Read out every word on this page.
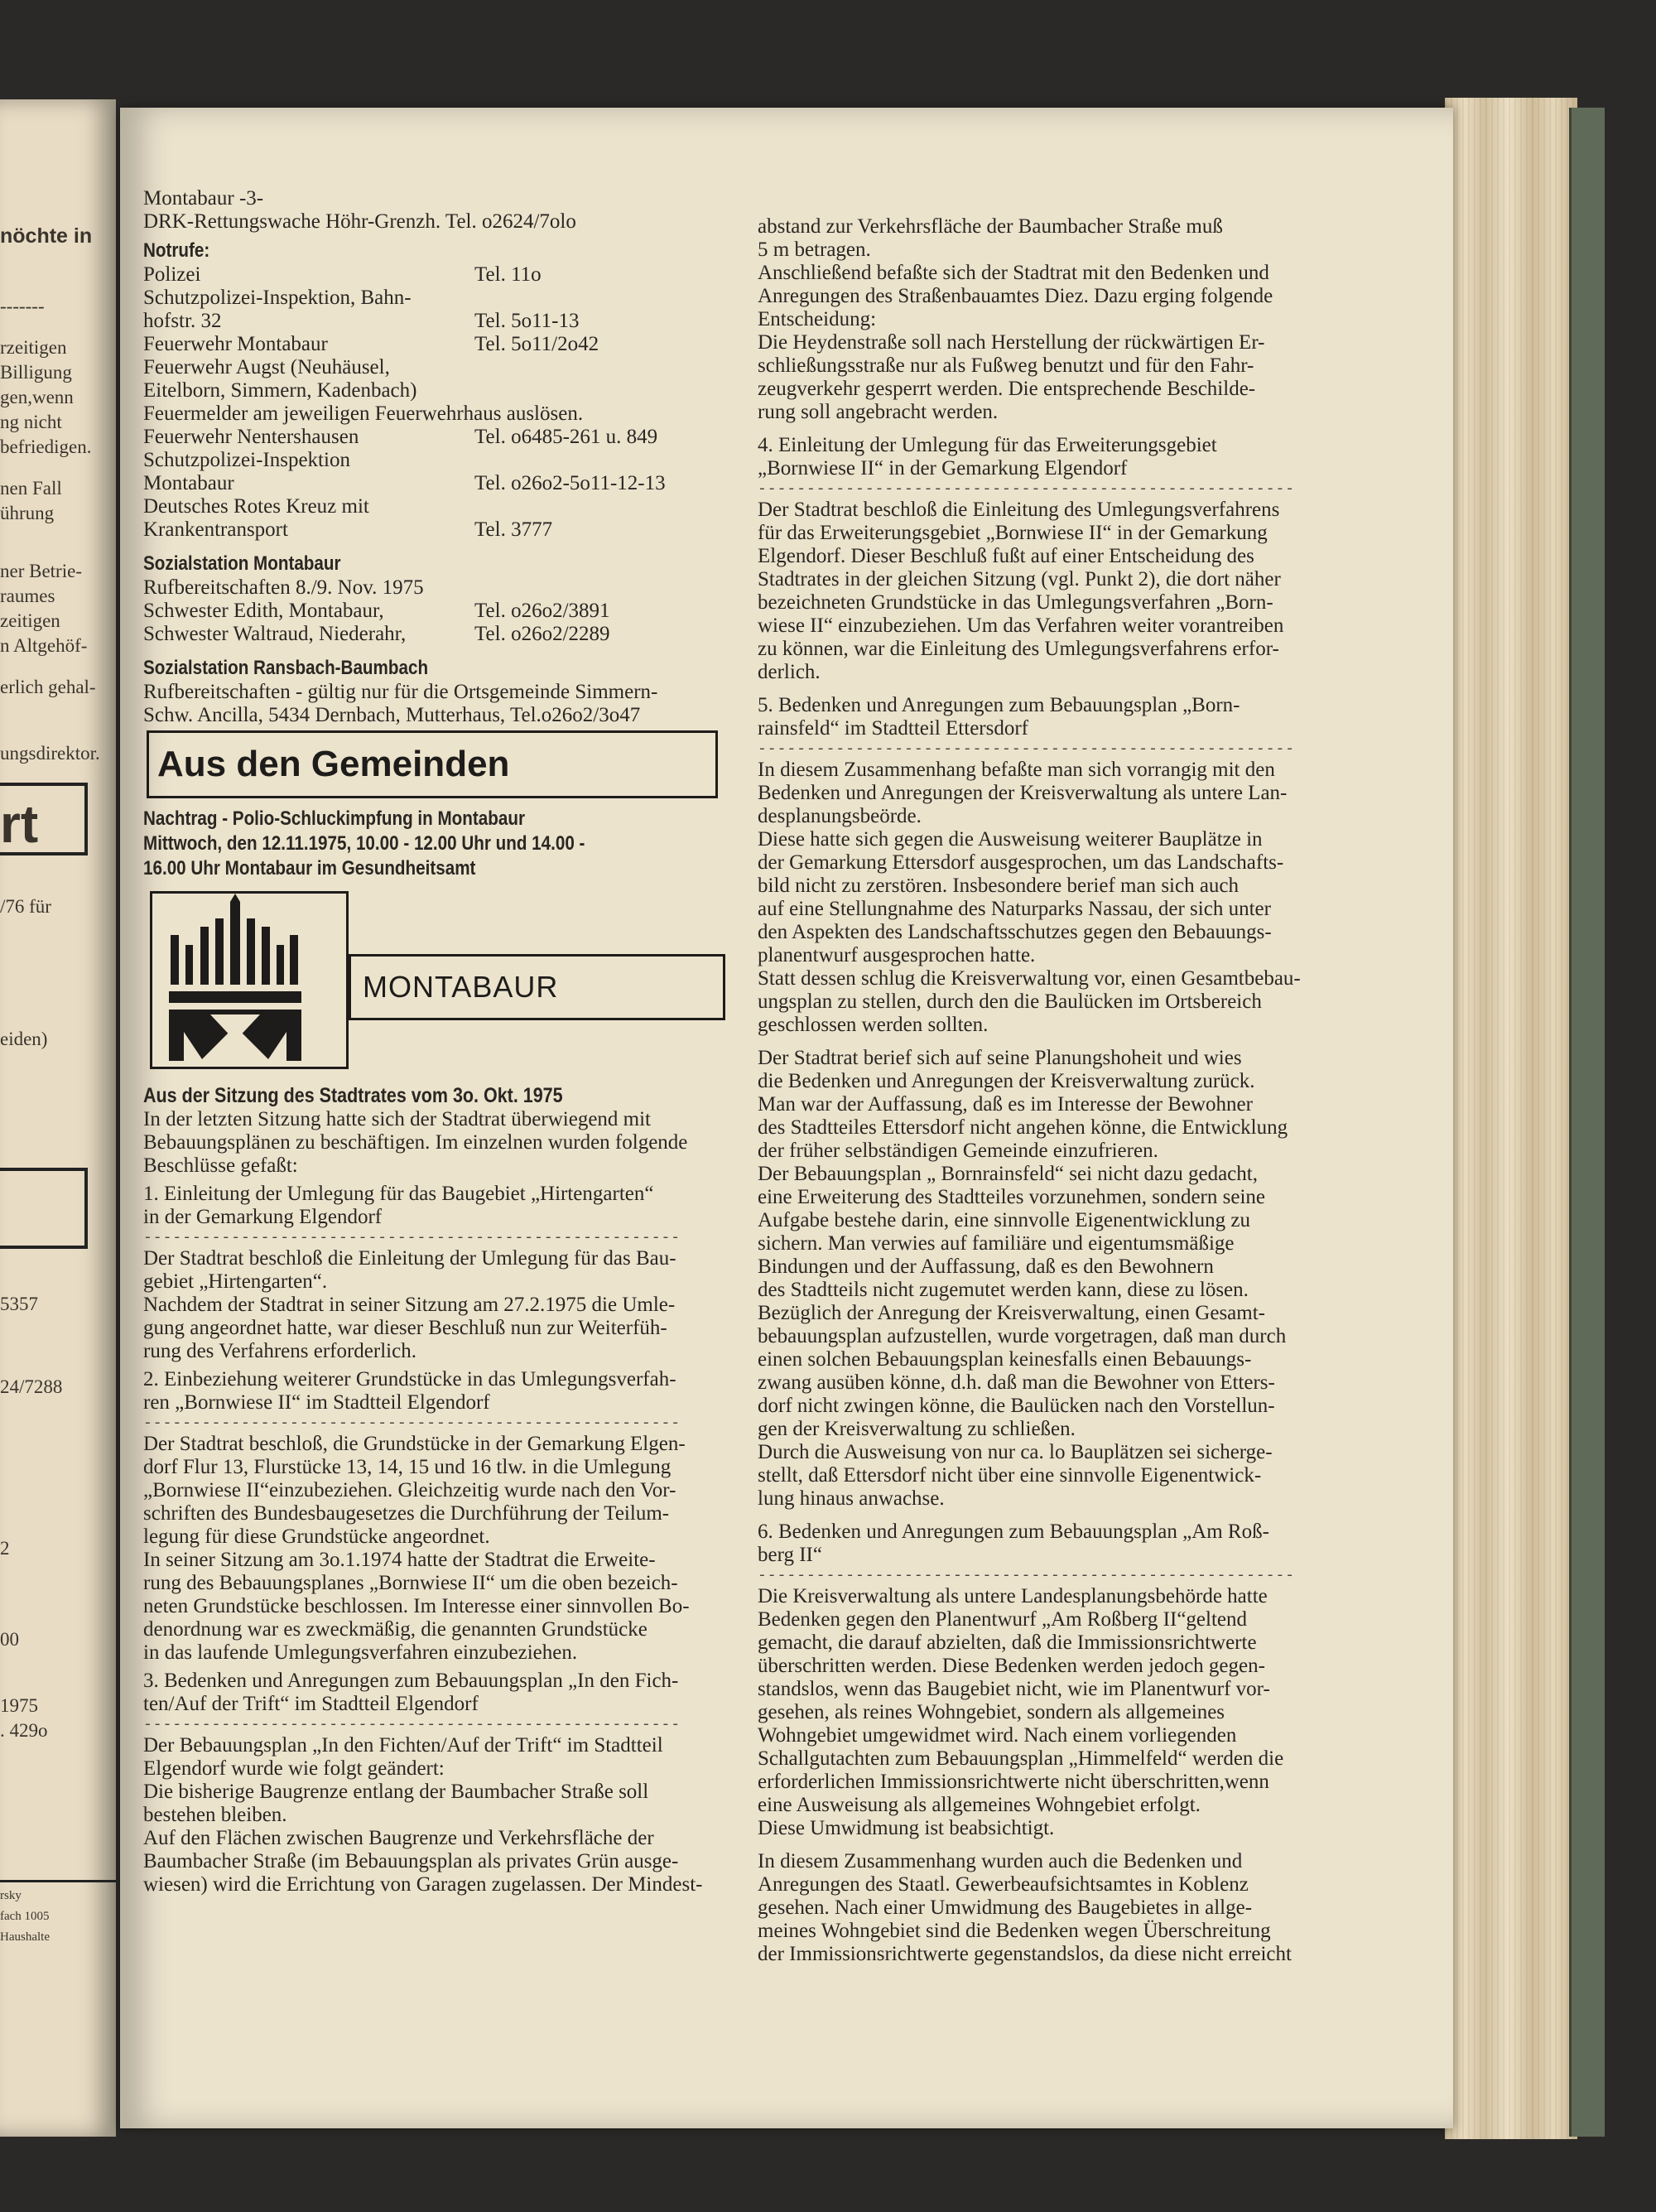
nöchte in
-------
rzeitigen
Billigung
gen,wenn
ng nicht
befriedigen.
nen Fall
ührung
ner Betrie-
raumes
zeitigen
n Altgehöf-
erlich gehal-
ungsdirektor.
rt
/76 für
eiden)
5357
24/7288
2
00
1975
. 429o
rsky
fach 1005
Haushalte
Montabaur -3-
DRK-Rettungswache Höhr-Grenzh. Tel. o2624/7olo
Notrufe:
Polizei	Tel. 11o
Schutzpolizei-Inspektion, Bahn-
hofstr. 32	Tel. 5o11-13
Feuerwehr Montabaur	Tel. 5o11/2o42
Feuerwehr Augst (Neuhäusel,
Eitelborn, Simmern, Kadenbach)
Feuermelder am jeweiligen Feuerwehrhaus auslösen.
Feuerwehr Nentershausen	Tel. o6485-261 u. 849
Schutzpolizei-Inspektion
Montabaur	Tel. o26o2-5o11-12-13
Deutsches Rotes Kreuz mit
Krankentransport	Tel. 3777
Sozialstation Montabaur
Rufbereitschaften 8./9. Nov. 1975
Schwester Edith, Montabaur,	Tel. o26o2/3891
Schwester Waltraud, Niederahr,	Tel. o26o2/2289
Sozialstation Ransbach-Baumbach
Rufbereitschaften - gültig nur für die Ortsgemeinde Simmern-
Schw. Ancilla, 5434 Dernbach, Mutterhaus, Tel.o26o2/3o47
Aus den Gemeinden
Nachtrag - Polio-Schluckimpfung in Montabaur
Mittwoch, den 12.11.1975, 10.00 - 12.00 Uhr und 14.00 -
16.00 Uhr Montabaur im Gesundheitsamt
MONTABAUR
Aus der Sitzung des Stadtrates vom 3o. Okt. 1975
In der letzten Sitzung hatte sich der Stadtrat überwiegend mit
Bebauungsplänen zu beschäftigen. Im einzelnen wurden folgende
Beschlüsse gefaßt:
1. Einleitung der Umlegung für das Baugebiet „Hirtengarten“
in der Gemarkung Elgendorf
-------------------------------------------------------
Der Stadtrat beschloß die Einleitung der Umlegung für das Bau-
gebiet „Hirtengarten“.
Nachdem der Stadtrat in seiner Sitzung am 27.2.1975 die Umle-
gung angeordnet hatte, war dieser Beschluß nun zur Weiterfüh-
rung des Verfahrens erforderlich.
2. Einbeziehung weiterer Grundstücke in das Umlegungsverfah-
ren „Bornwiese II“ im Stadtteil Elgendorf
-------------------------------------------------------
Der Stadtrat beschloß, die Grundstücke in der Gemarkung Elgen-
dorf Flur 13, Flurstücke 13, 14, 15 und 16 tlw. in die Umlegung
„Bornwiese II“einzubeziehen. Gleichzeitig wurde nach den Vor-
schriften des Bundesbaugesetzes die Durchführung der Teilum-
legung für diese Grundstücke angeordnet.
In seiner Sitzung am 3o.1.1974 hatte der Stadtrat die Erweite-
rung des Bebauungsplanes „Bornwiese II“ um die oben bezeich-
neten Grundstücke beschlossen. Im Interesse einer sinnvollen Bo-
denordnung war es zweckmäßig, die genannten Grundstücke
in das laufende Umlegungsverfahren einzubeziehen.
3. Bedenken und Anregungen zum Bebauungsplan „In den Fich-
ten/Auf der Trift“ im Stadtteil Elgendorf
-------------------------------------------------------
Der Bebauungsplan „In den Fichten/Auf der Trift“ im Stadtteil
Elgendorf wurde wie folgt geändert:
Die bisherige Baugrenze entlang der Baumbacher Straße soll
bestehen bleiben.
Auf den Flächen zwischen Baugrenze und Verkehrsfläche der
Baumbacher Straße (im Bebauungsplan als privates Grün ausge-
wiesen) wird die Errichtung von Garagen zugelassen. Der Mindest-
abstand zur Verkehrsfläche der Baumbacher Straße muß
5 m betragen.
Anschließend befaßte sich der Stadtrat mit den Bedenken und
Anregungen des Straßenbauamtes Diez. Dazu erging folgende
Entscheidung:
Die Heydenstraße soll nach Herstellung der rückwärtigen Er-
schließungsstraße nur als Fußweg benutzt und für den Fahr-
zeugverkehr gesperrt werden. Die entsprechende Beschilde-
rung soll angebracht werden.
4. Einleitung der Umlegung für das Erweiterungsgebiet
„Bornwiese II“ in der Gemarkung Elgendorf
-------------------------------------------------------
Der Stadtrat beschloß die Einleitung des Umlegungsverfahrens
für das Erweiterungsgebiet „Bornwiese II“ in der Gemarkung
Elgendorf. Dieser Beschluß fußt auf einer Entscheidung des
Stadtrates in der gleichen Sitzung (vgl. Punkt 2), die dort näher
bezeichneten Grundstücke in das Umlegungsverfahren „Born-
wiese II“ einzubeziehen. Um das Verfahren weiter vorantreiben
zu können, war die Einleitung des Umlegungsverfahrens erfor-
derlich.
5. Bedenken und Anregungen zum Bebauungsplan „Born-
rainsfeld“ im Stadtteil Ettersdorf
-------------------------------------------------------
In diesem Zusammenhang befaßte man sich vorrangig mit den
Bedenken und Anregungen der Kreisverwaltung als untere Lan-
desplanungsbeörde.
Diese hatte sich gegen die Ausweisung weiterer Bauplätze in
der Gemarkung Ettersdorf ausgesprochen, um das Landschafts-
bild nicht zu zerstören. Insbesondere berief man sich auch
auf eine Stellungnahme des Naturparks Nassau, der sich unter
den Aspekten des Landschaftsschutzes gegen den Bebauungs-
planentwurf ausgesprochen hatte.
Statt dessen schlug die Kreisverwaltung vor, einen Gesamtbebau-
ungsplan zu stellen, durch den die Baulücken im Ortsbereich
geschlossen werden sollten.
Der Stadtrat berief sich auf seine Planungshoheit und wies
die Bedenken und Anregungen der Kreisverwaltung zurück.
Man war der Auffassung, daß es im Interesse der Bewohner
des Stadtteiles Ettersdorf nicht angehen könne, die Entwicklung
der früher selbständigen Gemeinde einzufrieren.
Der Bebauungsplan „ Bornrainsfeld“ sei nicht dazu gedacht,
eine Erweiterung des Stadtteiles vorzunehmen, sondern seine
Aufgabe bestehe darin, eine sinnvolle Eigenentwicklung zu
sichern. Man verwies auf familiäre und eigentumsmäßige
Bindungen und der Auffassung, daß es den Bewohnern
des Stadtteils nicht zugemutet werden kann, diese zu lösen.
Bezüglich der Anregung der Kreisverwaltung, einen Gesamt-
bebauungsplan aufzustellen, wurde vorgetragen, daß man durch
einen solchen Bebauungsplan keinesfalls einen Bebauungs-
zwang ausüben könne, d.h. daß man die Bewohner von Etters-
dorf nicht zwingen könne, die Baulücken nach den Vorstellun-
gen der Kreisverwaltung zu schließen.
Durch die Ausweisung von nur ca. lo Bauplätzen sei sicherge-
stellt, daß Ettersdorf nicht über eine sinnvolle Eigenentwick-
lung hinaus anwachse.
6. Bedenken und Anregungen zum Bebauungsplan „Am Roß-
berg II“
-------------------------------------------------------
Die Kreisverwaltung als untere Landesplanungsbehörde hatte
Bedenken gegen den Planentwurf „Am Roßberg II“geltend
gemacht, die darauf abzielten, daß die Immissionsrichtwerte
überschritten werden. Diese Bedenken werden jedoch gegen-
standslos, wenn das Baugebiet nicht, wie im Planentwurf vor-
gesehen, als reines Wohngebiet, sondern als allgemeines
Wohngebiet umgewidmet wird. Nach einem vorliegenden
Schallgutachten zum Bebauungsplan „Himmelfeld“ werden die
erforderlichen Immissionsrichtwerte nicht überschritten,wenn
eine Ausweisung als allgemeines Wohngebiet erfolgt.
Diese Umwidmung ist beabsichtigt.
In diesem Zusammenhang wurden auch die Bedenken und
Anregungen des Staatl. Gewerbeaufsichtsamtes in Koblenz
gesehen. Nach einer Umwidmung des Baugebietes in allge-
meines Wohngebiet sind die Bedenken wegen Überschreitung
der Immissionsrichtwerte gegenstandslos, da diese nicht erreicht
